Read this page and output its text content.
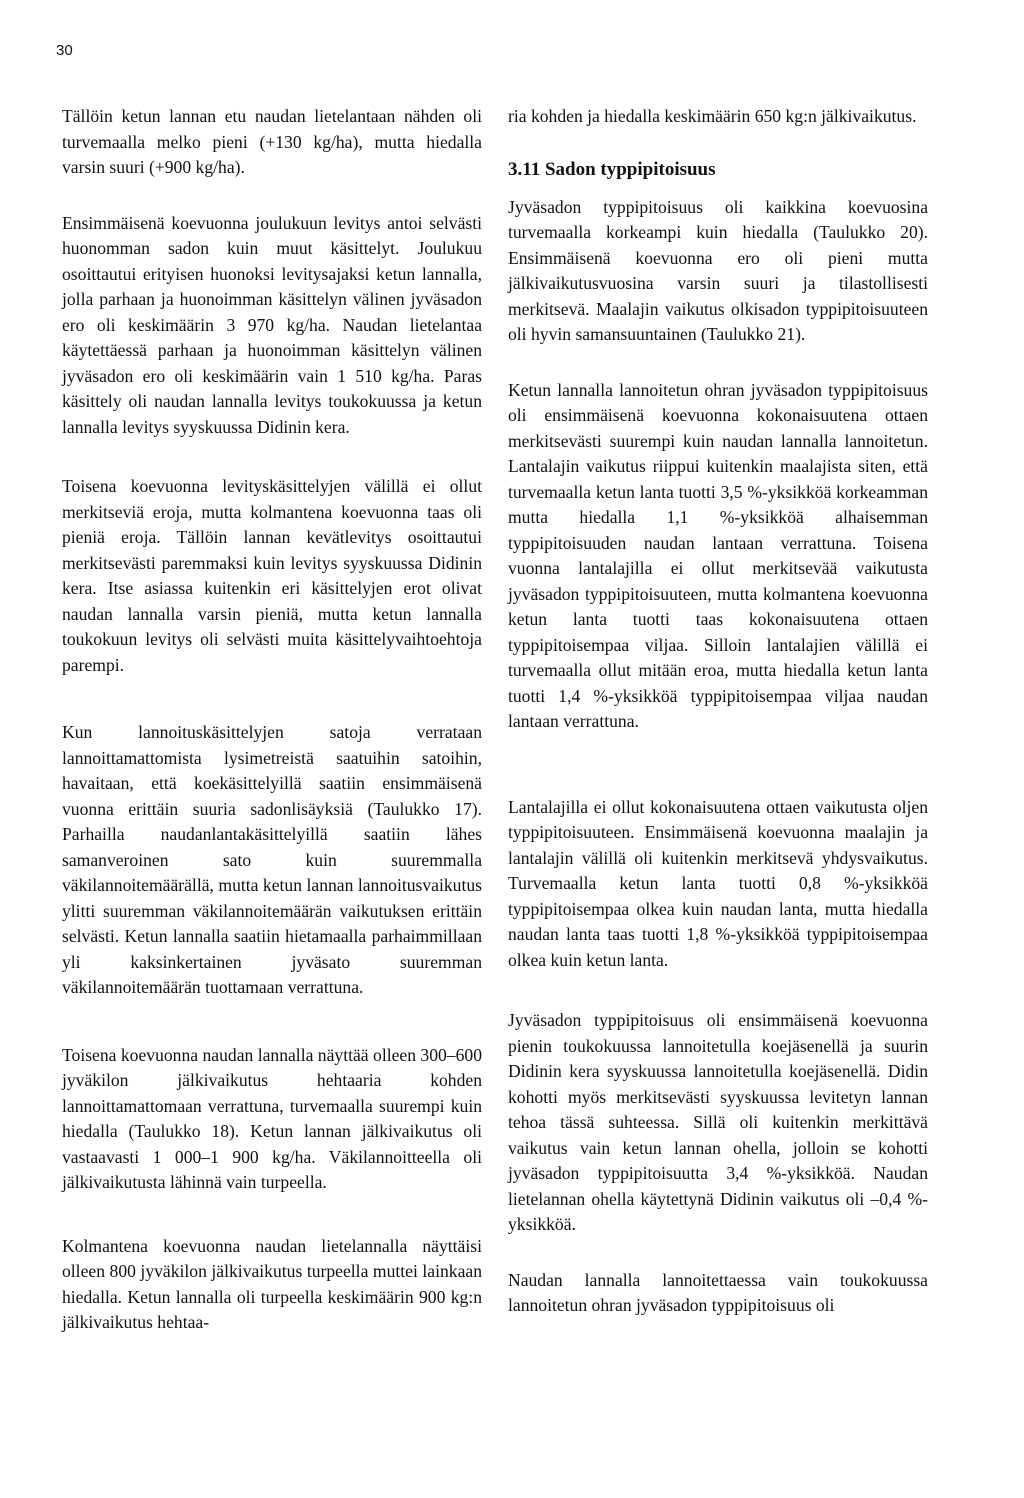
30

Tällöin ketun lannan etu naudan lietelantaan nähden oli turvemaalla melko pieni (+130 kg/ha), mutta hiedalla varsin suuri (+900 kg/ha).

Ensimmäisenä koevuonna joulukuun levitys antoi selvästi huonomman sadon kuin muut käsittelyt. Joulukuu osoittautui erityisen huonoksi levitysajaksi ketun lannalla, jolla parhaan ja huonoimman käsittelyn välinen jyväsadon ero oli keskimäärin 3 970 kg/ha. Naudan lietelantaa käytettäessä parhaan ja huonoimman käsittelyn välinen jyväsadon ero oli keskimäärin vain 1 510 kg/ha. Paras käsittely oli naudan lannalla levitys toukokuussa ja ketun lannalla levitys syyskuussa Didinin kera.

Toisena koevuonna levityskäsittelyjen välillä ei ollut merkitseviä eroja, mutta kolmantena koevuonna taas oli pieniä eroja. Tällöin lannan kevätlevitys osoittautui merkitsevästi paremmaksi kuin levitys syyskuussa Didinin kera. Itse asiassa kuitenkin eri käsittelyjen erot olivat naudan lannalla varsin pieniä, mutta ketun lannalla toukokuun levitys oli selvästi muita käsittelyvaihtoehtoja parempi.

Kun lannoituskäsittelyjen satoja verrataan lannoittamattomista lysimetreistä saatuihin satoihin, havaitaan, että koekäsittelyillä saatiin ensimmäisenä vuonna erittäin suuria sadonlisäyksiä (Taulukko 17). Parhailla naudanlantakäsittelyillä saatiin lähes samanveroinen sato kuin suuremmalla väkilannoitemäärällä, mutta ketun lannan lannoitusvaikutus ylitti suuremman väkilannoitemäärän vaikutuksen erittäin selvästi. Ketun lannalla saatiin hietamaalla parhaimmillaan yli kaksinkertainen jyväsato suuremman väkilannoitemäärän tuottamaan verrattuna.

Toisena koevuonna naudan lannalla näyttää olleen 300–600 jyväkilon jälkivaikutus hehtaaria kohden lannoittamattomaan verrattuna, turvemaalla suurempi kuin hiedalla (Taulukko 18). Ketun lannan jälkivaikutus oli vastaavasti 1 000–1 900 kg/ha. Väkilannoitteella oli jälkivaikutusta lähinnä vain turpeella.

Kolmantena koevuonna naudan lietelannalla näyttäisi olleen 800 jyväkilon jälkivaikutus turpeella muttei lainkaan hiedalla. Ketun lannalla oli turpeella keskimäärin 900 kg:n jälkivaikutus hehtaa-

ria kohden ja hiedalla keskimäärin 650 kg:n jälkivaikutus.

3.11 Sadon typpipitoisuus

Jyväsadon typpipitoisuus oli kaikkina koevuosina turvemaalla korkeampi kuin hiedalla (Taulukko 20). Ensimmäisenä koevuonna ero oli pieni mutta jälkivaikutusvuosina varsin suuri ja tilastollisesti merkitsevä. Maalajin vaikutus olkisadon typpipitoisuuteen oli hyvin samansuuntainen (Taulukko 21).

Ketun lannalla lannoitetun ohran jyväsadon typpipitoisuus oli ensimmäisenä koevuonna kokonaisuutena ottaen merkitsevästi suurempi kuin naudan lannalla lannoitetun. Lantalajin vaikutus riippui kuitenkin maalajista siten, että turvemaalla ketun lanta tuotti 3,5 %-yksikköä korkeamman mutta hiedalla 1,1 %-yksikköä alhaisemman typpipitoisuuden naudan lantaan verrattuna. Toisena vuonna lantalajilla ei ollut merkitsevää vaikutusta jyväsadon typpipitoisuuteen, mutta kolmantena koevuonna ketun lanta tuotti taas kokonaisuutena ottaen typpipitoisempaa viljaa. Silloin lantalajien välillä ei turvemaalla ollut mitään eroa, mutta hiedalla ketun lanta tuotti 1,4 %-yksikköä typpipitoisempaa viljaa naudan lantaan verrattuna.

Lantalajilla ei ollut kokonaisuutena ottaen vaikutusta oljen typpipitoisuuteen. Ensimmäisenä koevuonna maalajin ja lantalajin välillä oli kuitenkin merkitsevä yhdysvaikutus. Turvemaalla ketun lanta tuotti 0,8 %-yksikköä typpipitoisempaa olkea kuin naudan lanta, mutta hiedalla naudan lanta taas tuotti 1,8 %-yksikköä typpipitoisempaa olkea kuin ketun lanta.

Jyväsadon typpipitoisuus oli ensimmäisenä koevuonna pienin toukokuussa lannoitetulla koejäsenellä ja suurin Didinin kera syyskuussa lannoitetulla koejäsenellä. Didin kohotti myös merkitsevästi syyskuussa levitetyn lannan tehoa tässä suhteessa. Sillä oli kuitenkin merkittävä vaikutus vain ketun lannan ohella, jolloin se kohotti jyväsadon typpipitoisuutta 3,4 %-yksikköä. Naudan lietelannan ohella käytettynä Didinin vaikutus oli –0,4 %-yksikköä.

Naudan lannalla lannoitettaessa vain toukokuussa lannoitetun ohran jyväsadon typpipitoisuus oli
